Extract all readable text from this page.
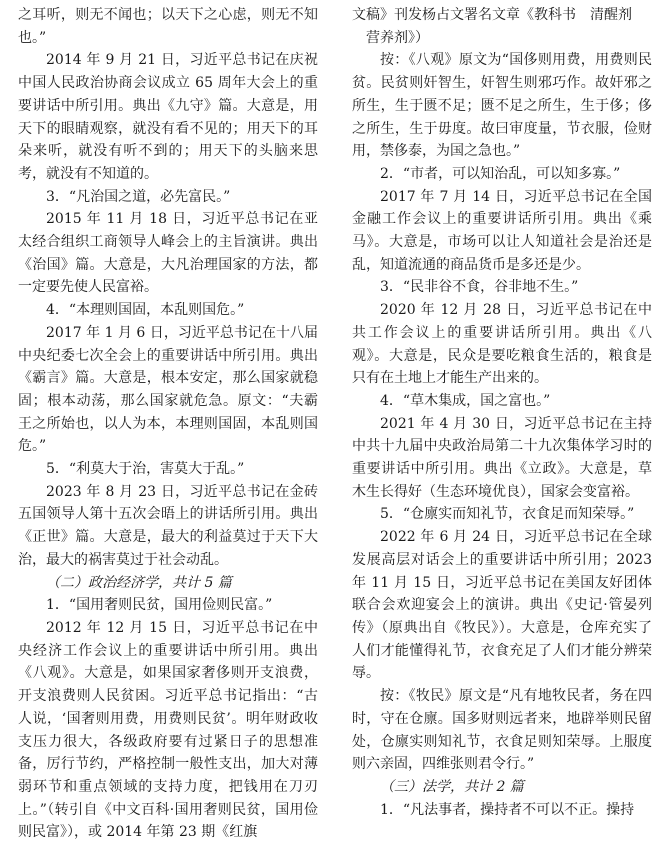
之耳听，则无不闻也；以天下之心虑，则无不知也。”

2014 年 9 月 21 日，习近平总书记在庆祝中国人民政治协商会议成立 65 周年大会上的重要讲话中所引用。典出《九守》篇。大意是，用天下的眼睛观察，就没有看不见的；用天下的耳朵来听，就没有听不到的；用天下的头脑来思考，就没有不知道的。

3．“凡治国之道，必先富民。”

2015 年 11 月 18 日，习近平总书记在亚太经合组织工商领导人峰会上的主旨演讲。典出《治国》篇。大意是，大凡治理国家的方法，都一定要先使人民富裕。

4．“本理则国固，本乱则国危。”

2017 年 1 月 6 日，习近平总书记在十八届中央纪委七次全会上的重要讲话中所引用。典出《霸言》篇。大意是，根本安定，那么国家就稳固；根本动荡，那么国家就危急。原文：“夫霸王之所始也，以人为本，本理则国固，本乱则国危。”

5．“利莫大于治，害莫大于乱。”

2023 年 8 月 23 日，习近平总书记在金砖五国领导人第十五次会晤上的讲话所引用。典出《正世》篇。大意是，最大的利益莫过于天下大治，最大的祸害莫过于社会动乱。

（二）政治经济学，共计 5 篇

1．“国用奢则民贫，国用俭则民富。”

2012 年 12 月 15 日，习近平总书记在中央经济工作会议上的重要讲话中所引用。典出《八观》。大意是，如果国家奢侈则开支浪费，开支浪费则人民贫困。习近平总书记指出：“古人说，‘国奢则用费，用费则民贫’。明年财政收支压力很大，各级政府要有过紧日子的思想准备，厉行节约，严格控制一般性支出，加大对薄弱环节和重点领域的支持力度，把钱用在刀刃上。”（转引自《中文百科·国用奢则民贫，国用俭则民富》），或 2014 年第 23 期《红旗

文稿》刊发杨占文署名文章《教科书　清醒剂

营养剂》）

按：《八观》原文为“国侈则用费，用费则民贫。民贫则奸智生，奸智生则邪巧作。故奸邪之所生，生于匮不足；匮不足之所生，生于侈；侈之所生，生于毋度。故曰审度量，节衣服，俭财用，禁侈泰，为国之急也。”

2．“市者，可以知治乱，可以知多寡。”

2017 年 7 月 14 日，习近平总书记在全国金融工作会议上的重要讲话所引用。典出《乘马》。大意是，市场可以让人知道社会是治还是乱，知道流通的商品货币是多还是少。

3．“民非谷不食，谷非地不生。”

2020 年 12 月 28 日，习近平总书记在中共工作会议上的重要讲话所引用。典出《八观》。大意是，民众是要吃粮食生活的，粮食是只有在土地上才能生产出来的。

4．“草木集成，国之富也。”

2021 年 4 月 30 日，习近平总书记在主持中共十九届中央政治局第二十九次集体学习时的重要讲话中所引用。典出《立政》。大意是，草木生长得好（生态环境优良），国家会变富裕。

5．“仓廪实而知礼节，衣食足而知荣辱。”

2022 年 6 月 24 日，习近平总书记在全球发展高层对话会上的重要讲话中所引用；2023 年 11 月 15 日，习近平总书记在美国友好团体联合会欢迎宴会上的演讲。典出《史记·管晏列传》（原典出自《牧民》）。大意是，仓库充实了人们才能懂得礼节，衣食充足了人们才能分辨荣辱。

按：《牧民》原文是“凡有地牧民者，务在四时，守在仓廪。国多财则远者来，地辟举则民留处，仓廪实则知礼节，衣食足则知荣辱。上服度则六亲固，四维张则君令行。”

（三）法学，共计 2 篇

1．“凡法事者，操持者不可以不正。操持
